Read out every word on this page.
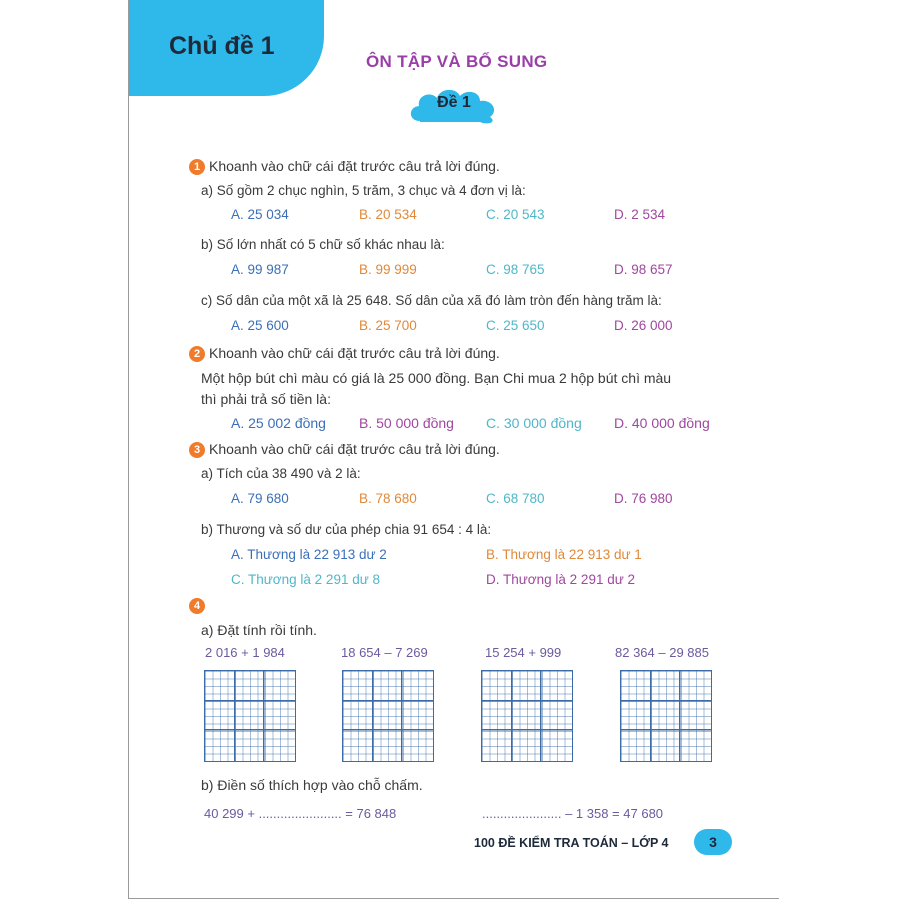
Chủ đề 1
ÔN TẬP VÀ BỔ SUNG
Đề 1
1 Khoanh vào chữ cái đặt trước câu trả lời đúng.
a) Số gồm 2 chục nghìn, 5 trăm, 3 chục và 4 đơn vị là:
A. 25 034	B. 20 534	C. 20 543	D. 2 534
b) Số lớn nhất có 5 chữ số khác nhau là:
A. 99 987	B. 99 999	C. 98 765	D. 98 657
c) Số dân của một xã là 25 648. Số dân của xã đó làm tròn đến hàng trăm là:
A. 25 600	B. 25 700	C. 25 650	D. 26 000
2 Khoanh vào chữ cái đặt trước câu trả lời đúng.
Một hộp bút chì màu có giá là 25 000 đồng. Bạn Chi mua 2 hộp bút chì màu
thì phải trả số tiền là:
A. 25 002 đồng B. 50 000 đồng C. 30 000 đồng D. 40 000 đồng
3 Khoanh vào chữ cái đặt trước câu trả lời đúng.
a) Tích của 38 490 và 2 là:
A. 79 680	B. 78 680	C. 68 780	D. 76 980
b) Thương và số dư của phép chia 91 654 : 4 là:
A. Thương là 22 913 dư 2	B. Thương là 22 913 dư 1
C. Thương là 2 291 dư 8	D. Thương là 2 291 dư 2
4
a) Đặt tính rồi tính.
2 016 + 1 984	18 654 – 7 269	15 254 + 999	82 364 – 29 885
b) Điền số thích hợp vào chỗ chấm.
40 299 + ....................... = 76 848	...................... – 1 358 = 47 680
100 ĐỀ KIỂM TRA TOÁN – LỚP 4	3
